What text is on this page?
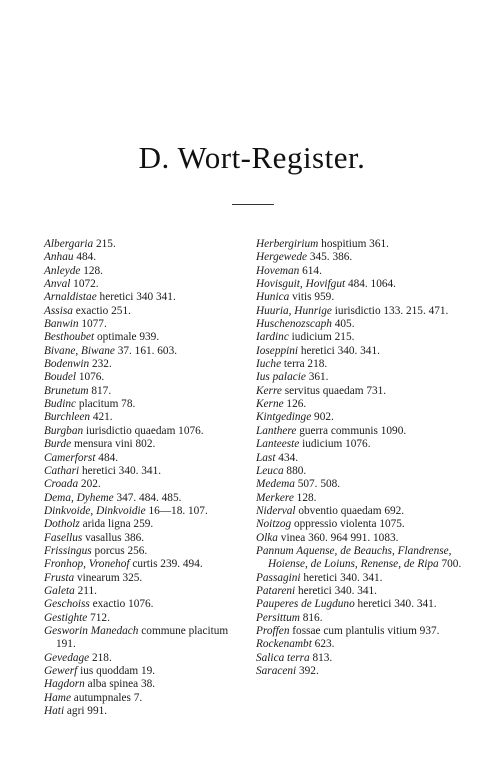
D. Wort-Register.
Albergaria 215.
Anhau 484.
Anleyde 128.
Anval 1072.
Arnaldistae heretici 340 341.
Assisa exactio 251.
Banwin 1077.
Besthoubet optimale 939.
Bivane, Biwane 37. 161. 603.
Bodenwin 232.
Boudel 1076.
Brunetum 817.
Budinc placitum 78.
Burchleen 421.
Burgban iurisdictio quaedam 1076.
Burde mensura vini 802.
Camerforst 484.
Cathari heretici 340. 341.
Croada 202.
Dema, Dyheme 347. 484. 485.
Dinkvoide, Dinkvoidie 16—18. 107.
Dotholz arida ligna 259.
Fasellus vasallus 386.
Frissingus porcus 256.
Fronhop, Vronehof curtis 239. 494.
Frusta vinearum 325.
Galeta 211.
Geschoiss exactio 1076.
Gestighte 712.
Gesworin Manedach commune placitum 191.
Gevedage 218.
Gewerf ius quoddam 19.
Hagdorn alba spinea 38.
Hame autumpnales 7.
Hati agri 991.
Herbergirium hospitium 361.
Hergewede 345. 386.
Hoveman 614.
Hovisguit, Hovifgut 484. 1064.
Hunica vitis 959.
Huuria, Hunrige iurisdictio 133. 215. 471.
Huschenozscaph 405.
Iardinc iudicium 215.
Ioseppini heretici 340. 341.
Iuche terra 218.
Ius palacie 361.
Kerre servitus quaedam 731.
Kerne 126.
Kintgedinge 902.
Lanthere guerra communis 1090.
Lanteeste iudicium 1076.
Last 434.
Leuca 880.
Medema 507. 508.
Merkere 128.
Niderval obventio quaedam 692.
Noitzog oppressio violenta 1075.
Olka vinea 360. 964 991. 1083.
Pannum Aquense, de Beauchs, Flandrense, Hoiense, de Loiuns, Renense, de Ripa 700.
Passagini heretici 340. 341.
Patareni heretici 340. 341.
Pauperes de Lugduno heretici 340. 341.
Persittum 816.
Proffen fossae cum plantulis vitium 937.
Rockenambt 623.
Salica terra 813.
Saraceni 392.
